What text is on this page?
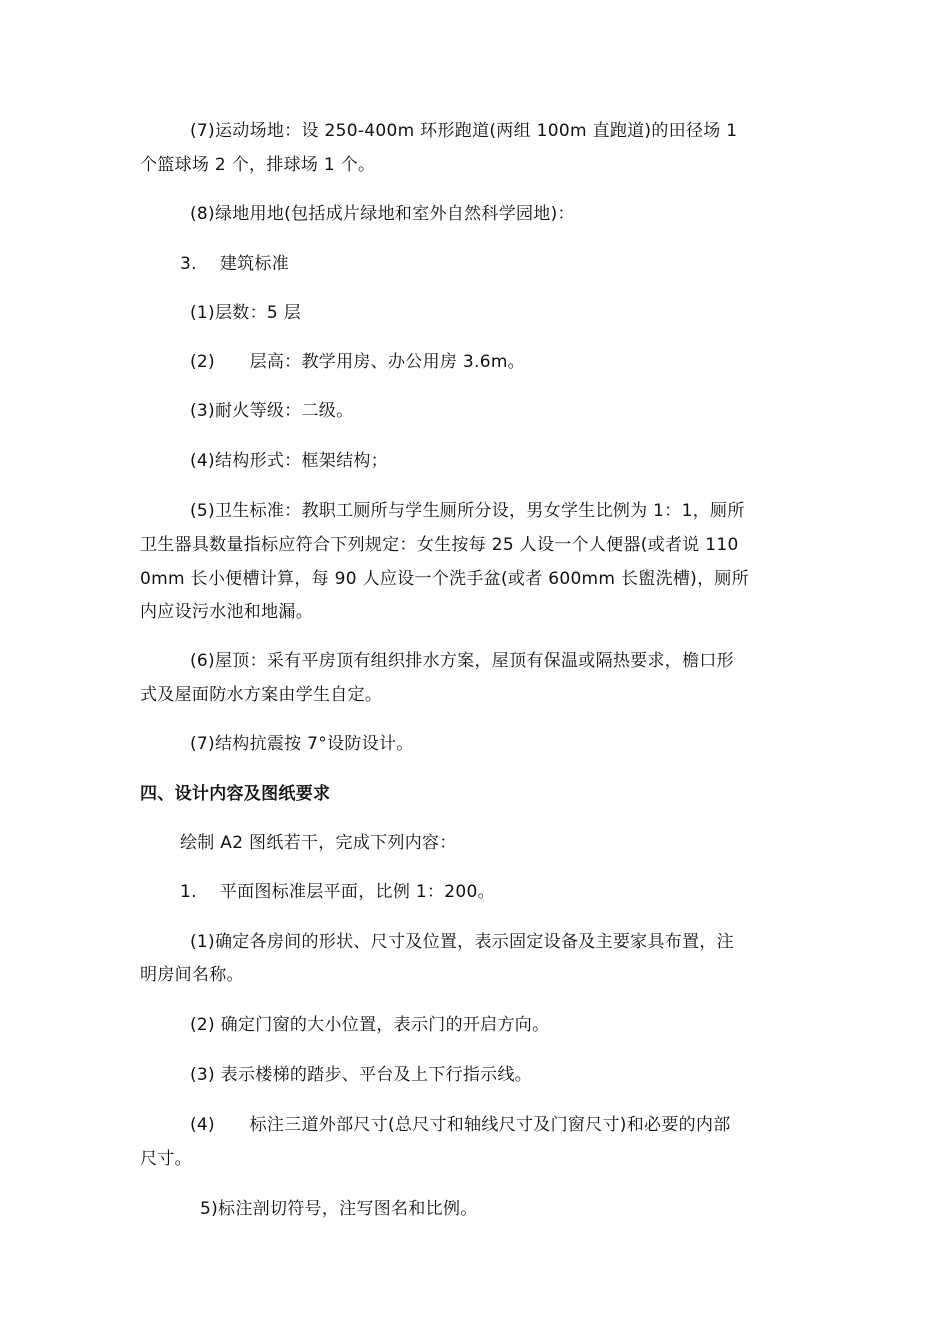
(7)运动场地：设 250-400m 环形跑道(两组 100m 直跑道)的田径场 1
个篮球场 2 个，排球场 1 个。
(8)绿地用地(包括成片绿地和室外自然科学园地)：
3.  建筑标准
(1)层数：5 层
(2)  层高：教学用房、办公用房 3.6m。
(3)耐火等级：二级。
(4)结构形式：框架结构；
(5)卫生标准：教职工厕所与学生厕所分设，男女学生比例为 1：1，厕所
卫生器具数量指标应符合下列规定：女生按每 25 人设一个人便器(或者说 110
0mm 长小便槽计算，每 90 人应设一个洗手盆(或者 600mm 长盥洗槽)，厕所
内应设污水池和地漏。
(6)屋顶：采有平房顶有组织排水方案，屋顶有保温或隔热要求，檐口形
式及屋面防水方案由学生自定。
(7)结构抗震按 7°设防设计。
四、设计内容及图纸要求
绘制 A2 图纸若干，完成下列内容：
1.  平面图标准层平面，比例 1：200。
(1)确定各房间的形状、尺寸及位置，表示固定设备及主要家具布置，注
明房间名称。
(2) 确定门窗的大小位置，表示门的开启方向。
(3) 表示楼梯的踏步、平台及上下行指示线。
(4)  标注三道外部尺寸(总尺寸和轴线尺寸及门窗尺寸)和必要的内部
尺寸。
5)标注剖切符号，注写图名和比例。
